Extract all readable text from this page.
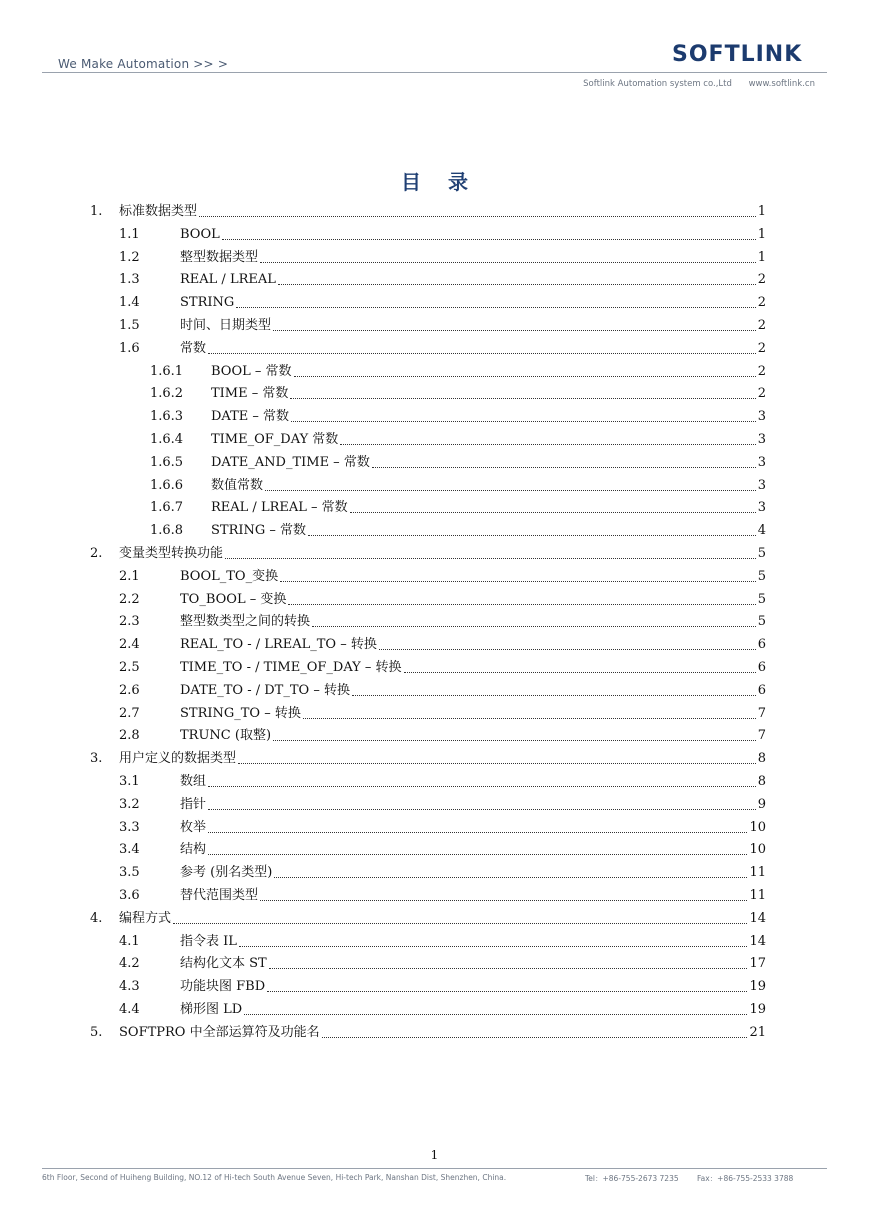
We Make Automation >> >	SOFTLINK
Softlink Automation system co.,Ltd www.softlink.cn
目 录
1. 标准数据类型	1
1.1	BOOL	1
1.2	整型数据类型	1
1.3	REAL / LREAL	2
1.4	STRING	2
1.5	时间、日期类型	2
1.6	常数	2
1.6.1 BOOL – 常数	2
1.6.2 TIME – 常数	2
1.6.3 DATE – 常数	3
1.6.4 TIME_OF_DAY 常数	3
1.6.5 DATE_AND_TIME – 常数	3
1.6.6 数值常数	3
1.6.7 REAL / LREAL – 常数	3
1.6.8 STRING – 常数	4
2. 变量类型转换功能	5
2.1	BOOL_TO_变换	5
2.2	TO_BOOL – 变换	5
2.3	整型数类型之间的转换	5
2.4	REAL_TO - / LREAL_TO – 转换	6
2.5	TIME_TO - / TIME_OF_DAY – 转换	6
2.6	DATE_TO - / DT_TO – 转换	6
2.7	STRING_TO – 转换	7
2.8	TRUNC (取整)	7
3. 用户定义的数据类型	8
3.1	数组	8
3.2	指针	9
3.3	枚举	10
3.4	结构	10
3.5	参考 (别名类型)	11
3.6	替代范围类型	11
4. 编程方式	14
4.1	指令表 IL	14
4.2	结构化文本 ST	17
4.3	功能块图 FBD	19
4.4	梯形图 LD	19
5. SOFTPRO 中全部运算符及功能名	21
1
6th Floor, Second of Huiheng Building, NO.12 of Hi-tech South Avenue Seven, Hi-tech Park, Nanshan Dist, Shenzhen, China.	Tel：+86-755-2673 7235 Fax：+86-755-2533 3788
